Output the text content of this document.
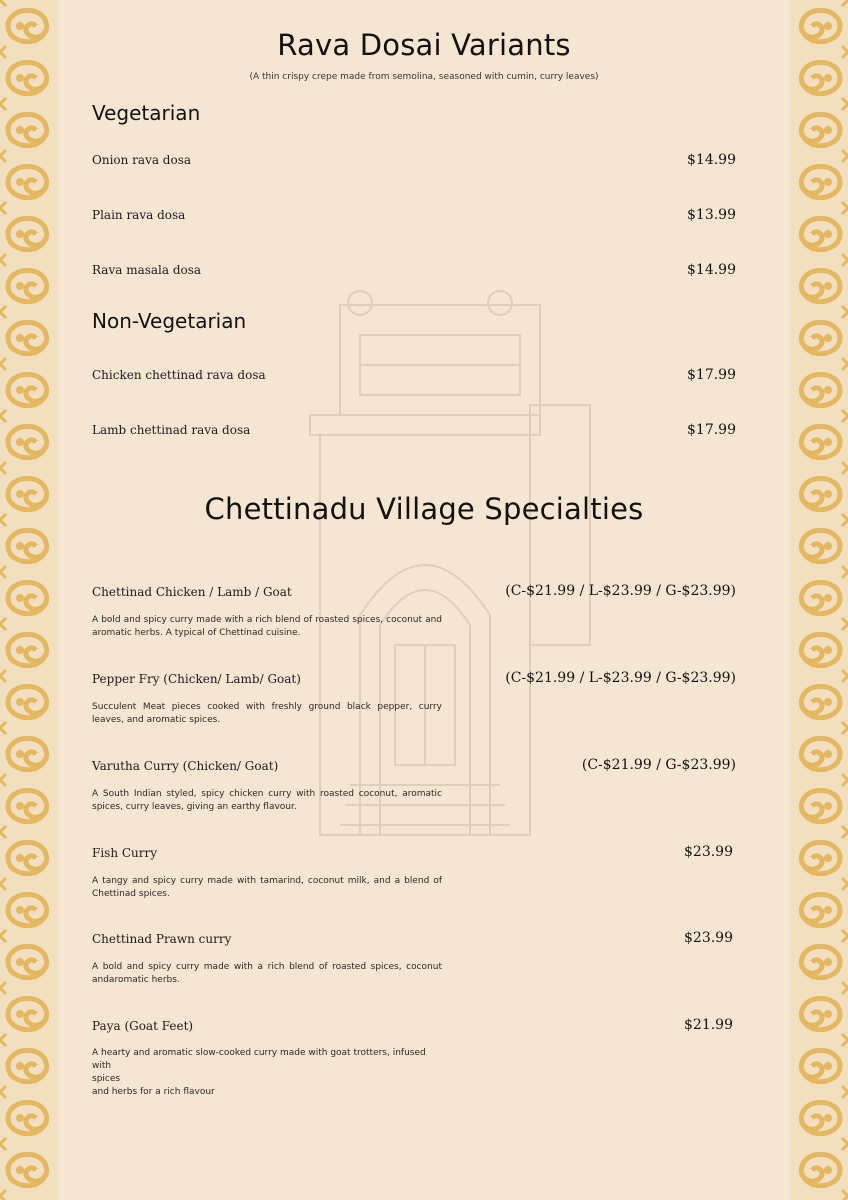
Rava Dosai Variants
(A thin crispy crepe made from semolina, seasoned with cumin, curry leaves)
Vegetarian
Onion rava dosa	$14.99
Plain rava dosa	$13.99
Rava masala dosa	$14.99
Non-Vegetarian
Chicken chettinad rava dosa	$17.99
Lamb chettinad rava dosa	$17.99
Chettinadu Village Specialties
Chettinad Chicken / Lamb / Goat	(C-$21.99 / L-$23.99 / G-$23.99)
A bold and spicy curry made with a rich blend of roasted spices, coconut and aromatic herbs. A typical of Chettinad cuisine.
Pepper Fry (Chicken/ Lamb/ Goat)	(C-$21.99 / L-$23.99 / G-$23.99)
Succulent Meat pieces cooked with freshly ground black pepper, curry leaves, and aromatic spices.
Varutha Curry (Chicken/ Goat)	(C-$21.99 / G-$23.99)
A South Indian styled, spicy chicken curry with roasted coconut, aromatic spices, curry leaves, giving an earthy flavour.
Fish Curry	$23.99
A tangy and spicy curry made with tamarind, coconut milk, and a blend of Chettinad spices.
Chettinad Prawn curry	$23.99
A bold and spicy curry made with a rich blend of roasted spices, coconut andaromatic herbs.
Paya (Goat Feet)	$21.99
A hearty and aromatic slow-cooked curry made with goat trotters, infused with
spices
and herbs for a rich flavour
